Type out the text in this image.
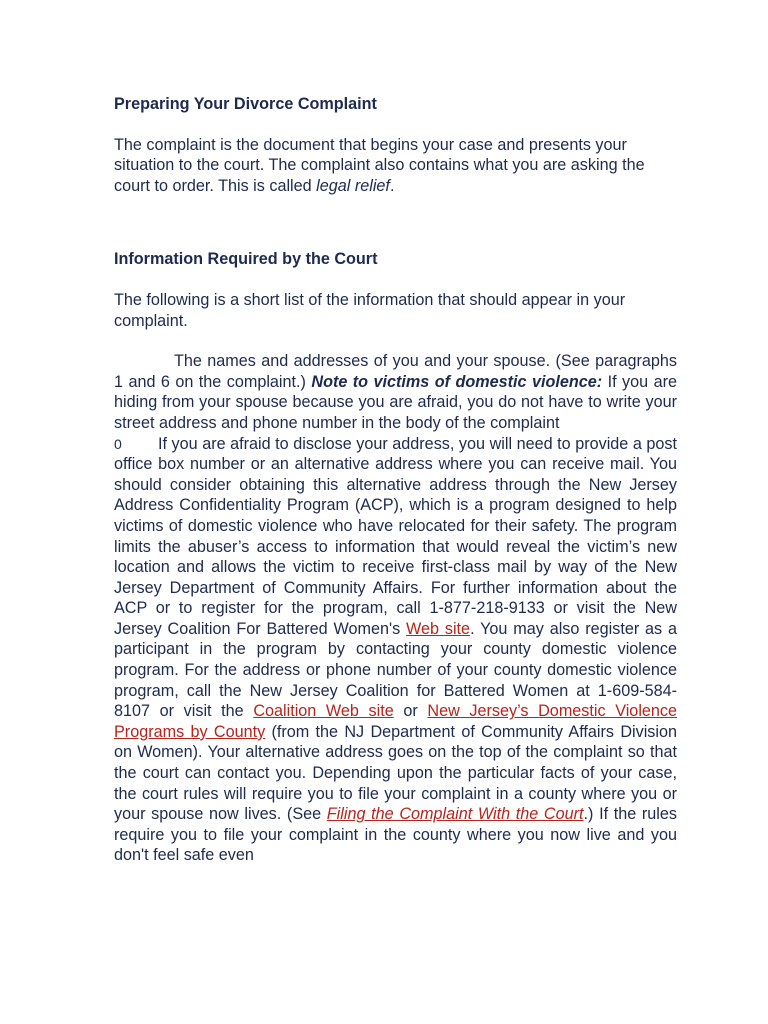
Preparing Your Divorce Complaint

The complaint is the document that begins your case and presents your situation to the court. The complaint also contains what you are asking the court to order. This is called legal relief.

Information Required by the Court

The following is a short list of the information that should appear in your complaint.

The names and addresses of you and your spouse. (See paragraphs 1 and 6 on the complaint.) Note to victims of domestic violence: If you are hiding from your spouse because you are afraid, you do not have to write your street address and phone number in the body of the complaint

0 If you are afraid to disclose your address, you will need to provide a post office box number or an alternative address where you can receive mail. You should consider obtaining this alternative address through the New Jersey Address Confidentiality Program (ACP), which is a program designed to help victims of domestic violence who have relocated for their safety. The program limits the abuser’s access to information that would reveal the victim’s new location and allows the victim to receive first-class mail by way of the New Jersey Department of Community Affairs. For further information about the ACP or to register for the program, call 1-877-218-9133 or visit the New Jersey Coalition For Battered Women's Web site. You may also register as a participant in the program by contacting your county domestic violence program. For the address or phone number of your county domestic violence program, call the New Jersey Coalition for Battered Women at 1-609-584-8107 or visit the Coalition Web site or New Jersey’s Domestic Violence Programs by County (from the NJ Department of Community Affairs Division on Women). Your alternative address goes on the top of the complaint so that the court can contact you. Depending upon the particular facts of your case, the court rules will require you to file your complaint in a county where you or your spouse now lives. (See Filing the Complaint With the Court.) If the rules require you to file your complaint in the county where you now live and you don't feel safe even
